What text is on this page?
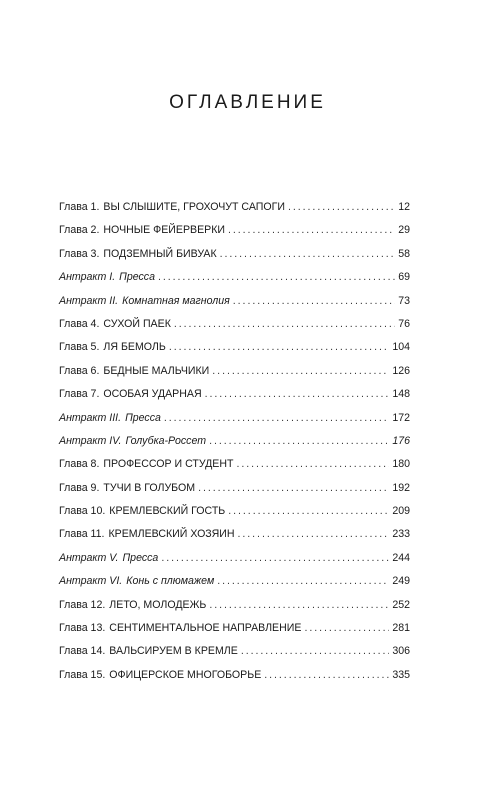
ОГЛАВЛЕНИЕ
Глава 1. ВЫ СЛЫШИТЕ, ГРОХОЧУТ САПОГИ . . .	12
Глава 2. НОЧНЫЕ ФЕЙЕРВЕРКИ . . .	29
Глава 3. ПОДЗЕМНЫЙ БИВУАК . . .	58
Антракт I. Пресса . . .	69
Антракт II. Комнатная магнолия . . .	73
Глава 4. СУХОЙ ПАЕК . . .	76
Глава 5. ЛЯ БЕМОЛЬ . . .	104
Глава 6. БЕДНЫЕ МАЛЬЧИКИ . . .	126
Глава 7. ОСОБАЯ УДАРНАЯ . . .	148
Антракт III. Пресса . . .	172
Антракт IV. Голубка-Россет . . .	176
Глава 8. ПРОФЕССОР И СТУДЕНТ . . .	180
Глава 9. ТУЧИ В ГОЛУБОМ . . .	192
Глава 10. КРЕМЛЕВСКИЙ ГОСТЬ . . .	209
Глава 11. КРЕМЛЕВСКИЙ ХОЗЯИН . . .	233
Антракт V. Пресса . . .	244
Антракт VI. Конь с плюмажем . . .	249
Глава 12. ЛЕТО, МОЛОДЕЖЬ . . .	252
Глава 13. СЕНТИМЕНТАЛЬНОЕ НАПРАВЛЕНИЕ . . .	281
Глава 14. ВАЛЬСИРУЕМ В КРЕМЛЕ . . .	306
Глава 15. ОФИЦЕРСКОЕ МНОГОБОРЬЕ . . .	335
